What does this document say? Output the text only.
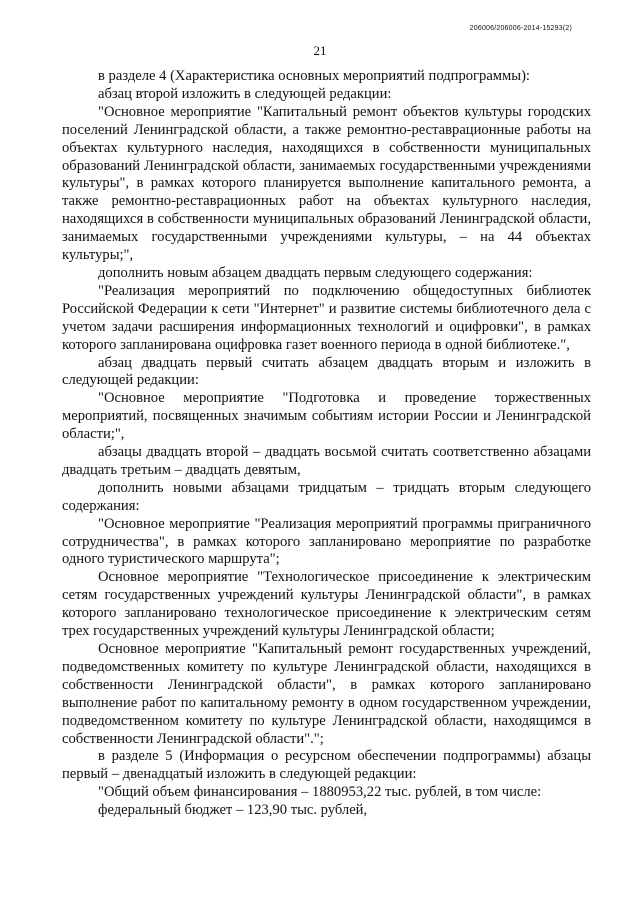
206006/206006-2014-15293(2)
21

в разделе 4 (Характеристика основных мероприятий подпрограммы):

абзац второй изложить в следующей редакции:

"Основное мероприятие "Капитальный ремонт объектов культуры городских поселений Ленинградской области, а также ремонтно-реставрационные работы на объектах культурного наследия, находящихся в собственности муниципальных образований Ленинградской области, занимаемых государственными учреждениями культуры", в рамках которого планируется выполнение капитального ремонта, а также ремонтно-реставрационных работ на объектах культурного наследия, находящихся в собственности муниципальных образований Ленинградской области, занимаемых государственными учреждениями культуры, – на 44 объектах культуры;",

дополнить новым абзацем двадцать первым следующего содержания:

"Реализация мероприятий по подключению общедоступных библиотек Российской Федерации к сети "Интернет" и развитие системы библиотечного дела с учетом задачи расширения информационных технологий и оцифровки", в рамках которого запланирована оцифровка газет военного периода в одной библиотеке.",

абзац двадцать первый считать абзацем двадцать вторым и изложить в следующей редакции:

"Основное мероприятие "Подготовка и проведение торжественных мероприятий, посвященных значимым событиям истории России и Ленинградской области;",

абзацы двадцать второй – двадцать восьмой считать соответственно абзацами двадцать третьим – двадцать девятым,

дополнить новыми абзацами тридцатым – тридцать вторым следующего содержания:

"Основное мероприятие "Реализация мероприятий программы приграничного сотрудничества", в рамках которого запланировано мероприятие по разработке одного туристического маршрута";

Основное мероприятие "Технологическое присоединение к электрическим сетям государственных учреждений культуры Ленинградской области", в рамках которого запланировано технологическое присоединение к электрическим сетям трех государственных учреждений культуры Ленинградской области;

Основное мероприятие "Капитальный ремонт государственных учреждений, подведомственных комитету по культуре Ленинградской области, находящихся в собственности Ленинградской области", в рамках которого запланировано выполнение работ по капитальному ремонту в одном государственном учреждении, подведомственном комитету по культуре Ленинградской области, находящимся в собственности Ленинградской области".";

в разделе 5 (Информация о ресурсном обеспечении подпрограммы) абзацы первый – двенадцатый изложить в следующей редакции:

"Общий объем финансирования – 1880953,22 тыс. рублей, в том числе:

федеральный бюджет – 123,90 тыс. рублей,
